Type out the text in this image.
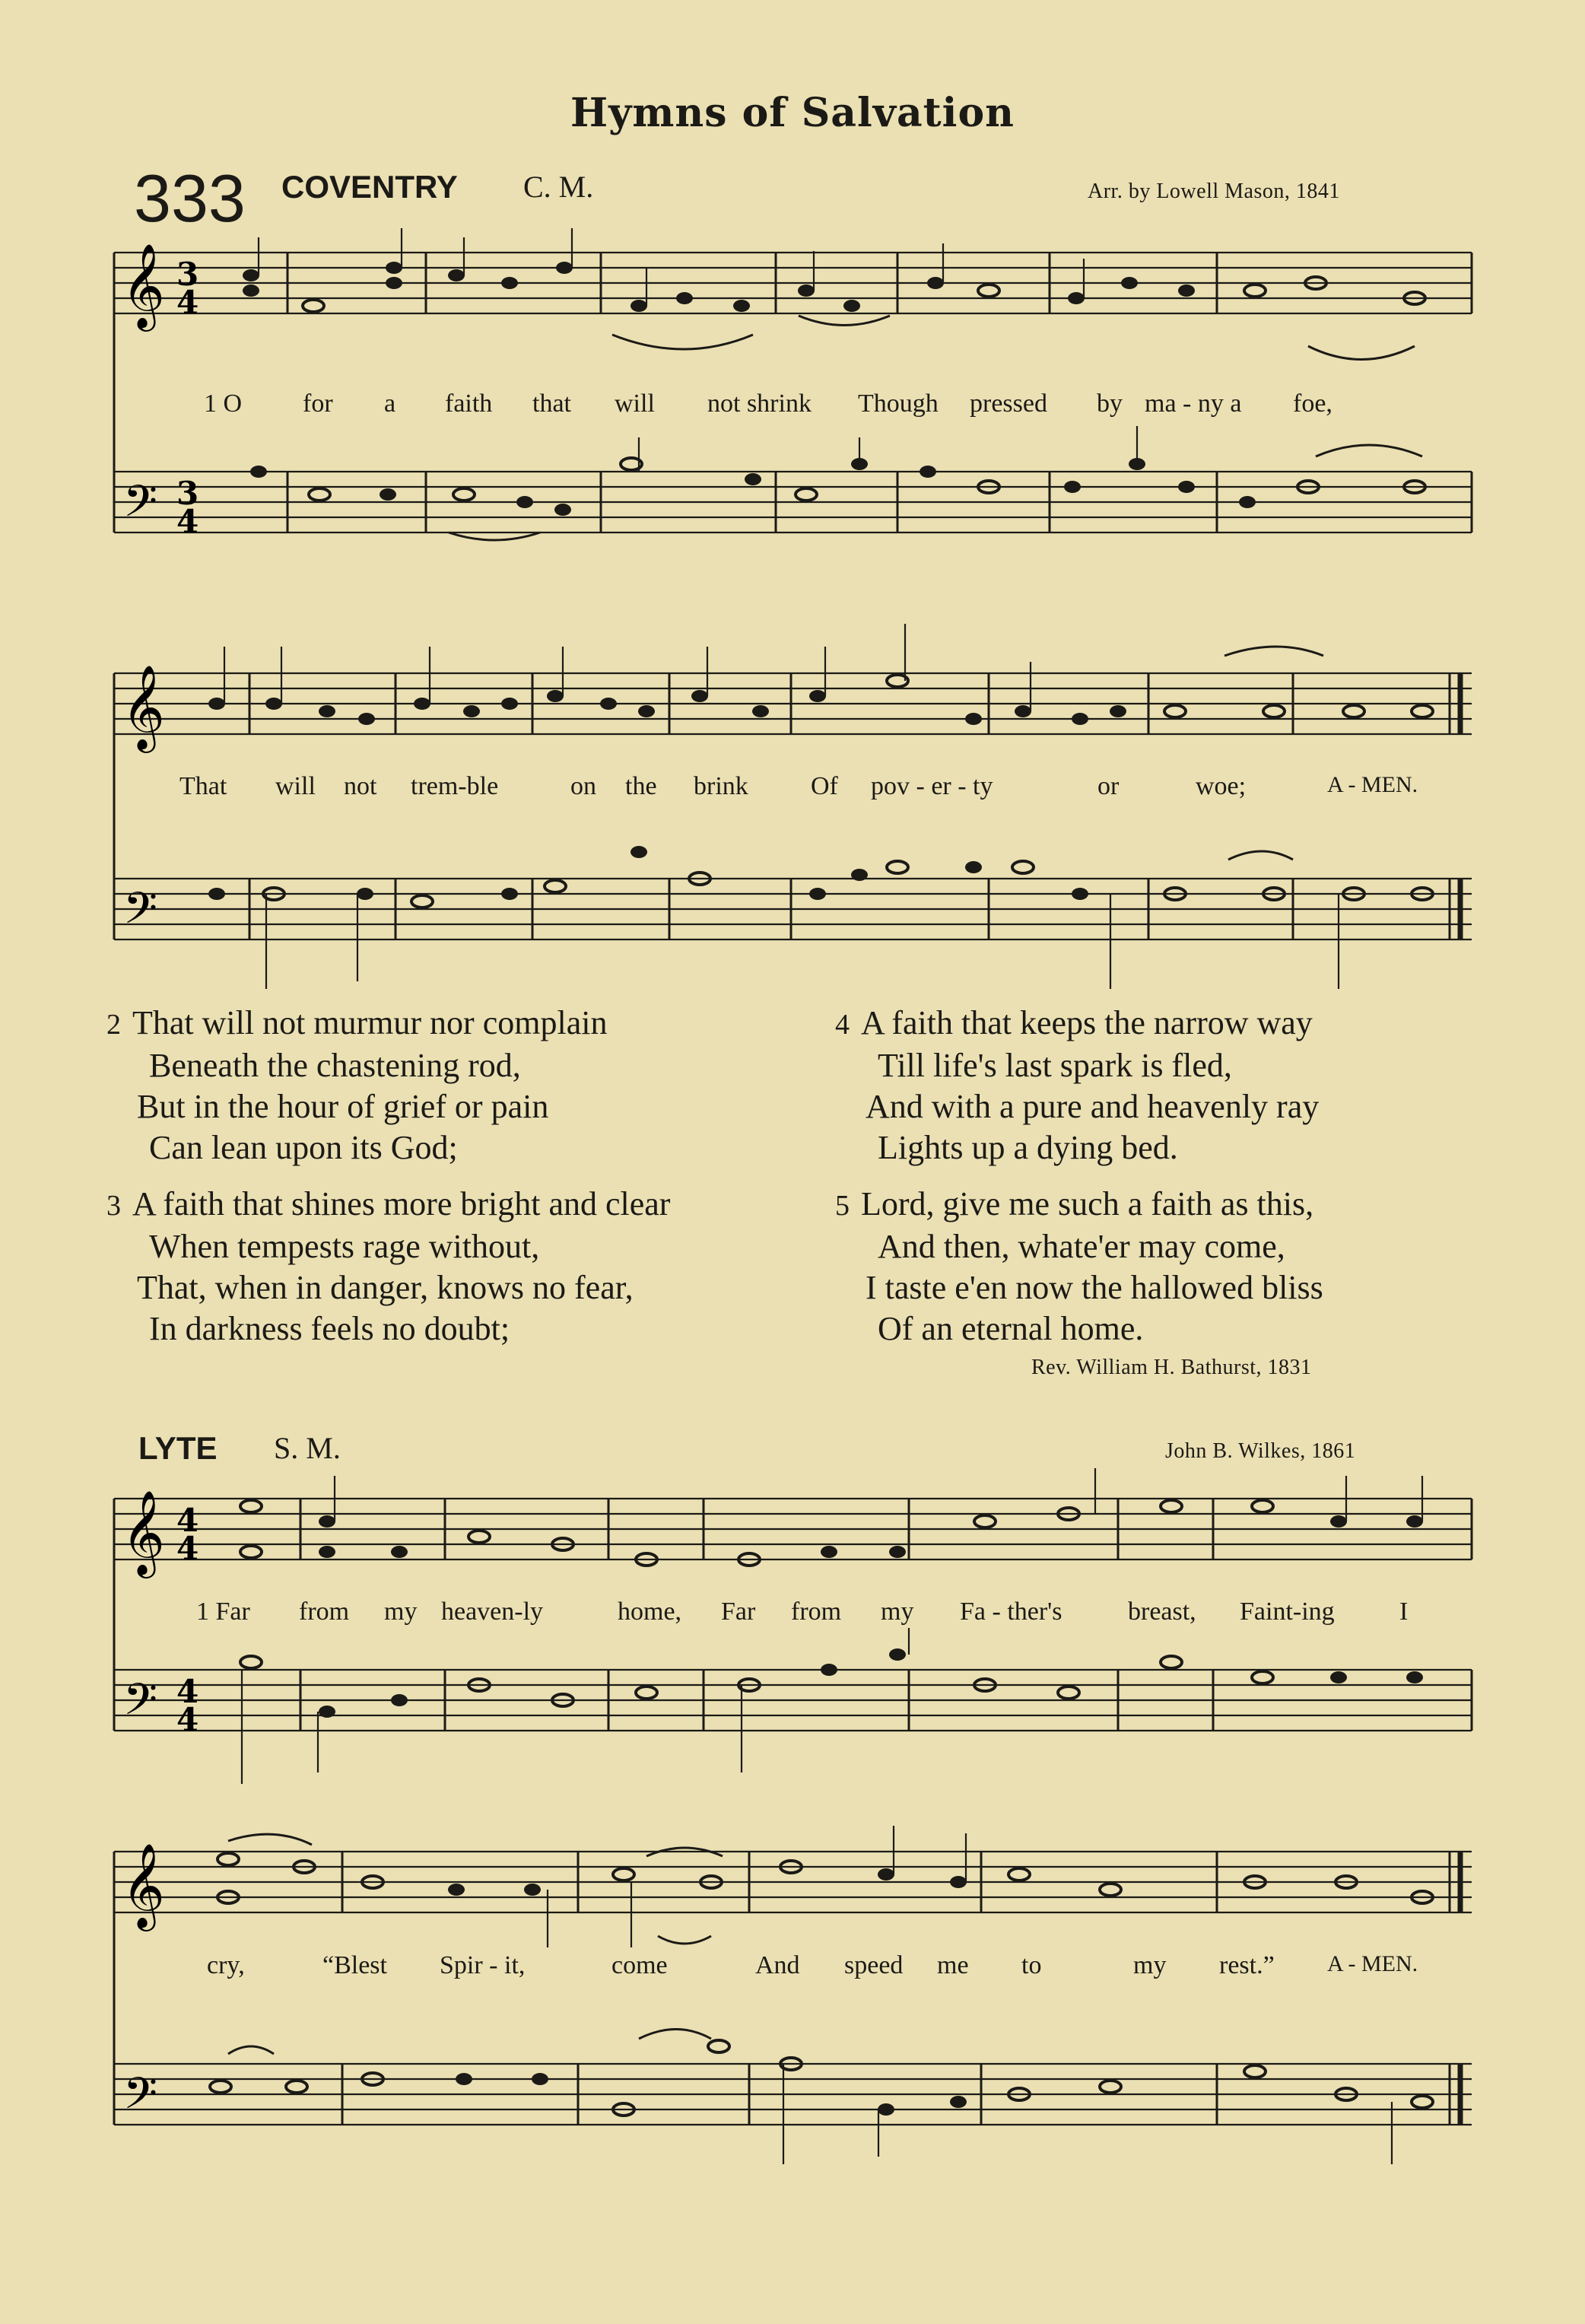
Hymns of Salvation
333 COVENTRY C. M.	Arr. by Lowell Mason, 1841
𝄞
𝄢
3
4
3
4
1 O for a faith that will not shrink Though pressed by ma - ny a foe,
𝄞
𝄢
That will not trem-ble	on the brink Of pov - er - ty	or	woe;	A - MEN.
2 That will not murmur nor complain
Beneath the chastening rod,
But in the hour of grief or pain
Can lean upon its God;
3 A faith that shines more bright and clear
When tempests rage without,
That, when in danger, knows no fear,
In darkness feels no doubt;
4 A faith that keeps the narrow way
Till life's last spark is fled,
And with a pure and heavenly ray
Lights up a dying bed.
5 Lord, give me such a faith as this,
And then, whate'er may come,
I taste e'en now the hallowed bliss
Of an eternal home.
Rev. William H. Bathurst, 1831
LYTE S. M.	John B. Wilkes, 1861
𝄞
𝄢
4
4
4
4
1 Far from my heaven-ly	home, Far from my Fa - ther's	breast, Faint-ing	I
𝄞
𝄢
cry,	“Blest Spir - it,	come	And speed me to	my rest.” A - MEN.
